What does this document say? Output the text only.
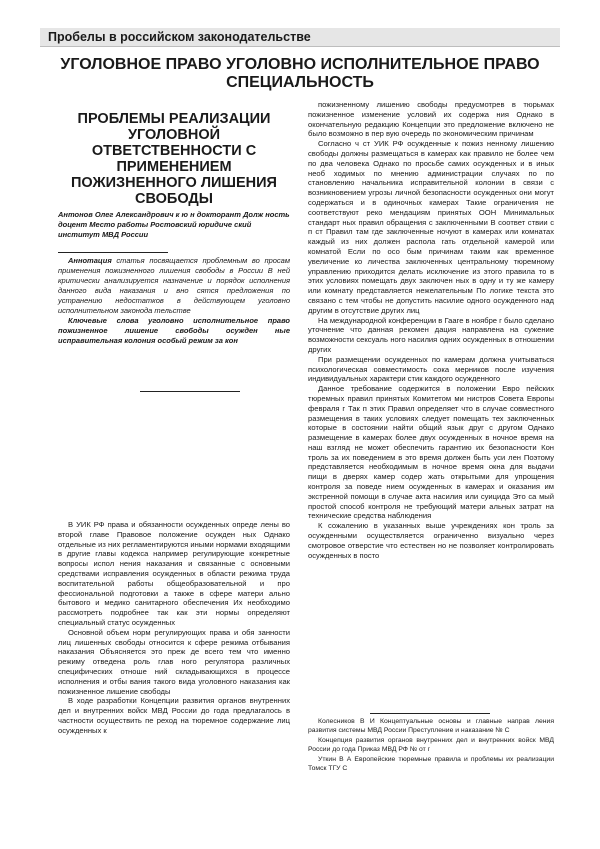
Пробелы в российском законодательстве
УГОЛОВНОЕ ПРАВО УГОЛОВНО ИСПОЛНИТЕЛЬНОЕ ПРАВО СПЕЦИАЛЬНОСТЬ
ПРОБЛЕМЫ РЕАЛИЗАЦИИ УГОЛОВНОЙ ОТВЕТСТВЕННОСТИ С ПРИМЕНЕНИЕМ ПОЖИЗНЕННОГО ЛИШЕНИЯ СВОБОДЫ
Антонов Олег Александрович к ю н докторант Долж ность доцент Место работы Ростовский юридиче ский институт МВД России

Аннотация статья посвящается проблемным во просам применения пожизненного лишения свободы в России В ней критически анализируется назначение и порядок исполнения данного вида наказания и вно сятся предложения по устранению недостатков в действующем уголовно исполнительном законода тельстве

Ключевые слова уголовно исполнительное право пожизненное лишение свободы осужден ные исправительная колония особый режим за кон

В УИК РФ права и обязанности осужденных опреде лены во второй главе Правовое положение осужден ных Однако отдельные из них регламентируются иными нормами входящими в другие главы кодекса например регулирующие конкретные вопросы испол нения наказания и связанные с основными средствами исправления осужденных в области режима труда воспитательной работы общеобразовательной и про фессиональной подготовки а также в сфере матери ально бытового и медико санитарного обеспечения Их необходимо рассмотреть подробнее так как эти нормы определяют специальный статус осужденных

Основной объем норм регулирующих права и обя занности лиц лишенных свободы относится к сфере режима отбывания наказания Объясняется это преж де всего тем что именно режиму отведена роль глав ного регулятора различных специфических отноше ний складывающихся в процессе исполнения и отбы вания такого вида уголовного наказания как пожизненное лишение свободы

В ходе разработки Концепции развития органов внутренних дел и внутренних войск МВД России до года предлагалось в частности осуществить пе реход на тюремное содержание лиц осужденных к

пожизненному лишению свободы предусмотрев в тюрьмах пожизненное изменение условий их содержа ния Однако в окончательную редакцию Концепции это предложение включено не было возможно в пер вую очередь по экономическим причинам

Согласно ч ст УИК РФ осужденные к пожиз ненному лишению свободы должны размещаться в камерах как правило не более чем по два человека Однако по просьбе самих осужденных и в иных необ ходимых по мнению администрации случаях по по становлению начальника исправительной колонии в связи с возникновением угрозы личной безопасности осужденных они могут содержаться и в одиночных камерах Такие ограничения не соответствуют реко мендациям принятых ООН Минимальных стандарт ных правил обращения с заключенными В соответ ствии с п ст Правил там где заключенные ночуют в камерах или комнатах каждый из них должен распола гать отдельной камерой или комнатой Если по осо бым причинам таким как временное увеличение ко личества заключенных центральному тюремному управлению приходится делать исключение из этого правила то в этих условиях помещать двух заключен ных в одну и ту же камеру или комнату представляется нежелательным По логике текста это связано с тем чтобы не допустить насилие одного осужденного над другим в отсутствие других лиц

На международной конференции в Гааге в ноябре г было сделано уточнение что данная рекомен дация направлена на сужение возможности сексуаль ного насилия одних осужденных в отношении других

При размещении осужденных по камерам должна учитываться психологическая совместимость сока мерников после изучения индивидуальных характери стик каждого осужденного

Данное требование содержится в положении Евро пейских тюремных правил принятых Комитетом ми нистров Совета Европы февраля г Так п этих Правил определяет что в случае совместного размещения в таких условиях следует помещать тех заключенных которые в состоянии найти общий язык друг с другом Однако размещение в камерах более двух осужденных в ночное время на наш взгляд не может обеспечить гарантию их безопасности Кон троль за их поведением в это время должен быть уси лен Поэтому представляется необходимым в ночное время окна для выдачи пищи в дверях камер содер жать открытыми для упрощения контроля за поведе нием осужденных в камерах и оказания им экстренной помощи в случае акта насилия или суицида Это са мый простой способ контроля не требующий матери альных затрат на технические средства наблюдения

К сожалению в указанных выше учреждениях кон троль за осужденными осуществляется ограниченно визуально через смотровое отверстие что естествен но не позволяет контролировать осужденных в посто

Колесников В И Концептуальные основы и главные направ ления развития системы МВД России Преступление и наказание № С

Концепция развития органов внутренних дел и внутренних войск МВД России до года Приказ МВД РФ № от г

Уткин В А Европейские тюремные правила и проблемы их реализации Томск ТГУ С
